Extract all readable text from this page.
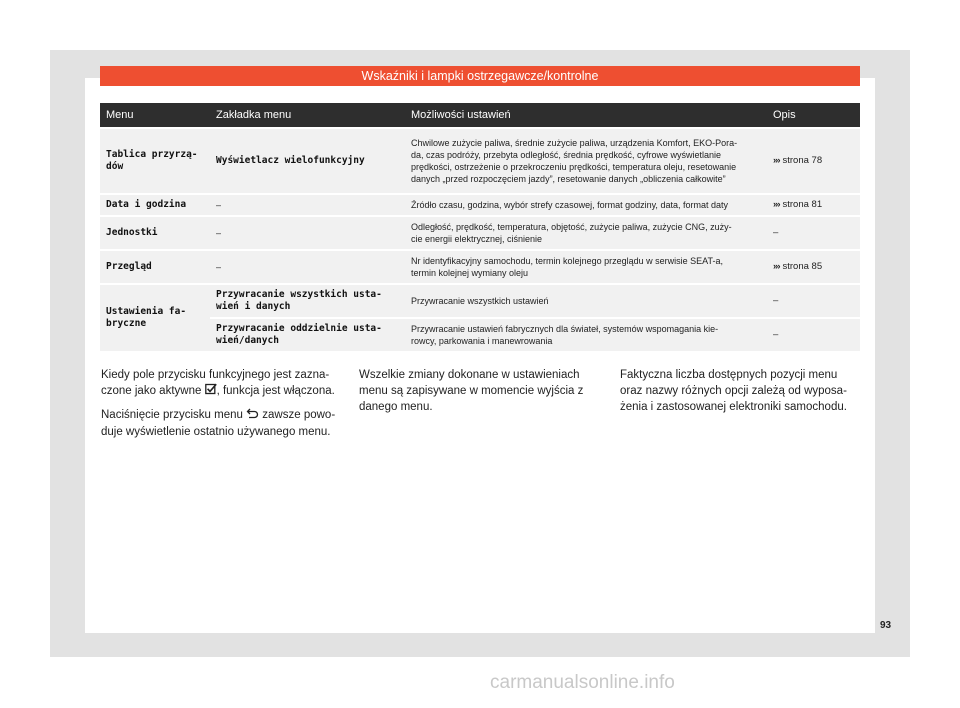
Wskaźniki i lampki ostrzegawcze/kontrolne
Menu	Zakładka menu	Możliwości ustawień	Opis
Tablica przyrzą-
dów	Wyświetlacz wielofunkcyjny	Chwilowe zużycie paliwa, średnie zużycie paliwa, urządzenia Komfort, EKO-Pora-
da, czas podróży, przebyta odległość, średnia prędkość, cyfrowe wyświetlanie
prędkości, ostrzeżenie o przekroczeniu prędkości, temperatura oleju, resetowanie
danych „przed rozpoczęciem jazdy”, resetowanie danych „obliczenia całkowite”	››› strona 78
Data i godzina	–	Źródło czasu, godzina, wybór strefy czasowej, format godziny, data, format daty	››› strona 81
Jednostki	–	Odległość, prędkość, temperatura, objętość, zużycie paliwa, zużycie CNG, zuży-
cie energii elektrycznej, ciśnienie	–
Przegląd	–	Nr identyfikacyjny samochodu, termin kolejnego przeglądu w serwisie SEAT-a,
termin kolejnej wymiany oleju	››› strona 85
Ustawienia fa-
bryczne	Przywracanie wszystkich usta-
wień i danych	Przywracanie wszystkich ustawień	–
	Przywracanie oddzielnie usta-
wień/danych	Przywracanie ustawień fabrycznych dla świateł, systemów wspomagania kie-
rowcy, parkowania i manewrowania	–

Kiedy pole przycisku funkcyjnego jest zazna-
czone jako aktywne , funkcja jest włączona.

Naciśnięcie przycisku menu  zawsze powo-
duje wyświetlenie ostatnio używanego menu.

Wszelkie zmiany dokonane w ustawieniach
menu są zapisywane w momencie wyjścia z
danego menu.

Faktyczna liczba dostępnych pozycji menu
oraz nazwy różnych opcji zależą od wyposa-
żenia i zastosowanej elektroniki samochodu.

93
carmanualsonline.info
